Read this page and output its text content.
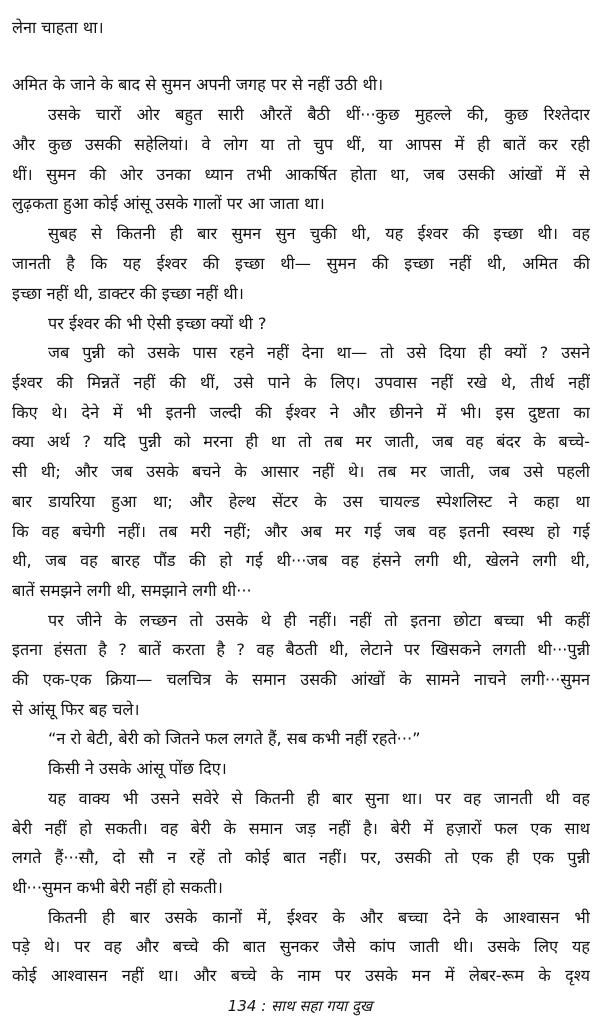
लेना चाहता था।
अमित के जाने के बाद से सुमन अपनी जगह पर से नहीं उठी थी।
उसके चारों ओर बहुत सारी औरतें बैठी थीं···कुछ मुहल्ले की, कुछ रिश्तेदार
और कुछ उसकी सहेलियां। वे लोग या तो चुप थीं, या आपस में ही बातें कर रही
थीं। सुमन की ओर उनका ध्यान तभी आकर्षित होता था, जब उसकी आंखों में से
लुढ़कता हुआ कोई आंसू उसके गालों पर आ जाता था।
सुबह से कितनी ही बार सुमन सुन चुकी थी, यह ईश्वर की इच्छा थी। वह
जानती है कि यह ईश्वर की इच्छा थी— सुमन की इच्छा नहीं थी, अमित की
इच्छा नहीं थी, डाक्टर की इच्छा नहीं थी।
पर ईश्वर की भी ऐसी इच्छा क्यों थी ?
जब पुन्नी को उसके पास रहने नहीं देना था— तो उसे दिया ही क्यों ? उसने
ईश्वर की मिन्नतें नहीं की थीं, उसे पाने के लिए। उपवास नहीं रखे थे, तीर्थ नहीं
किए थे। देने में भी इतनी जल्दी की ईश्वर ने और छीनने में भी। इस दुष्टता का
क्या अर्थ ? यदि पुन्नी को मरना ही था तो तब मर जाती, जब वह बंदर के बच्चे-
सी थी; और जब उसके बचने के आसार नहीं थे। तब मर जाती, जब उसे पहली
बार डायरिया हुआ था; और हेल्थ सेंटर के उस चायल्ड स्पेशलिस्ट ने कहा था
कि वह बचेगी नहीं। तब मरी नहीं; और अब मर गई जब वह इतनी स्वस्थ हो गई
थी, जब वह बारह पौंड की हो गई थी···जब वह हंसने लगी थी, खेलने लगी थी,
बातें समझने लगी थी, समझाने लगी थी···
पर जीने के लच्छन तो उसके थे ही नहीं। नहीं तो इतना छोटा बच्चा भी कहीं
इतना हंसता है ? बातें करता है ? वह बैठती थी, लेटाने पर खिसकने लगती थी···पुन्नी
की एक-एक क्रिया— चलचित्र के समान उसकी आंखों के सामने नाचने लगी···सुमन
से आंसू फिर बह चले।
“न रो बेटी, बेरी को जितने फल लगते हैं, सब कभी नहीं रहते···”
किसी ने उसके आंसू पोंछ दिए।
यह वाक्य भी उसने सवेरे से कितनी ही बार सुना था। पर वह जानती थी वह
बेरी नहीं हो सकती। वह बेरी के समान जड़ नहीं है। बेरी में हज़ारों फल एक साथ
लगते हैं···सौ, दो सौ न रहें तो कोई बात नहीं। पर, उसकी तो एक ही एक पुन्नी
थी···सुमन कभी बेरी नहीं हो सकती।
कितनी ही बार उसके कानों में, ईश्वर के और बच्चा देने के आश्वासन भी
पड़े थे। पर वह और बच्चे की बात सुनकर जैसे कांप जाती थी। उसके लिए यह
कोई आश्वासन नहीं था। और बच्चे के नाम पर उसके मन में लेबर-रूम के दृश्य
134 : साथ सहा गया दुख
